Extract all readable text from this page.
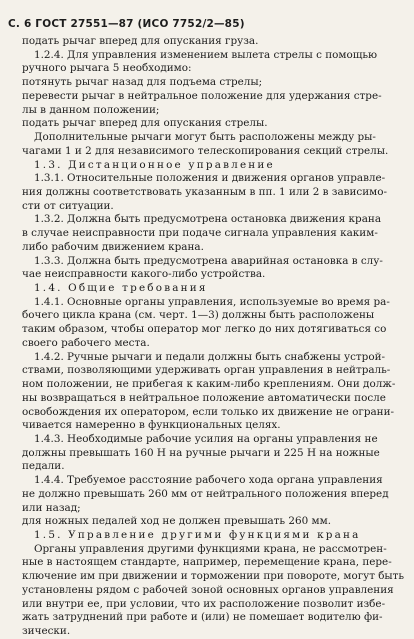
С. 6 ГОСТ 27551—87 (ИСО 7752/2—85)
подать рычаг вперед для опускания груза.
1.2.4. Для управления изменением вылета стрелы с помощью
ручного рычага 5 необходимо:
потянуть рычаг назад для подъема стрелы;
перевести рычаг в нейтральное положение для удержания стре-
лы в данном положении;
подать рычаг вперед для опускания стрелы.
Дополнительные рычаги могут быть расположены между ры-
чагами 1 и 2 для независимого телескопирования секций стрелы.
1.3. Дистанционное управление
1.3.1. Относительные положения и движения органов управле-
ния должны соответствовать указанным в пп. 1 или 2 в зависимо-
сти от ситуации.
1.3.2. Должна быть предусмотрена остановка движения крана
в случае неисправности при подаче сигнала управления каким-
либо рабочим движением крана.
1.3.3. Должна быть предусмотрена аварийная остановка в слу-
чае неисправности какого-либо устройства.
1.4. Общие требования
1.4.1. Основные органы управления, используемые во время ра-
бочего цикла крана (см. черт. 1—3) должны быть расположены
таким образом, чтобы оператор мог легко до них дотягиваться со
своего рабочего места.
1.4.2. Ручные рычаги и педали должны быть снабжены устрой-
ствами, позволяющими удерживать орган управления в нейтраль-
ном положении, не прибегая к каким-либо креплениям. Они долж-
ны возвращаться в нейтральное положение автоматически после
освобождения их оператором, если только их движение не ограни-
чивается намеренно в функциональных целях.
1.4.3. Необходимые рабочие усилия на органы управления не
должны превышать 160 Н на ручные рычаги и 225 Н на ножные
педали.
1.4.4. Требуемое расстояние рабочего хода органа управления
не должно превышать 260 мм от нейтрального положения вперед
или назад;
для ножных педалей ход не должен превышать 260 мм.
1.5. Управление другими функциями крана
Органы управления другими функциями крана, не рассмотрен-
ные в настоящем стандарте, например, перемещение крана, пере-
ключение им при движении и торможении при повороте, могут быть
установлены рядом с рабочей зоной основных органов управления
или внутри ее, при условии, что их расположение позволит избе-
жать затруднений при работе и (или) не помешает водителю фи-
зически.
